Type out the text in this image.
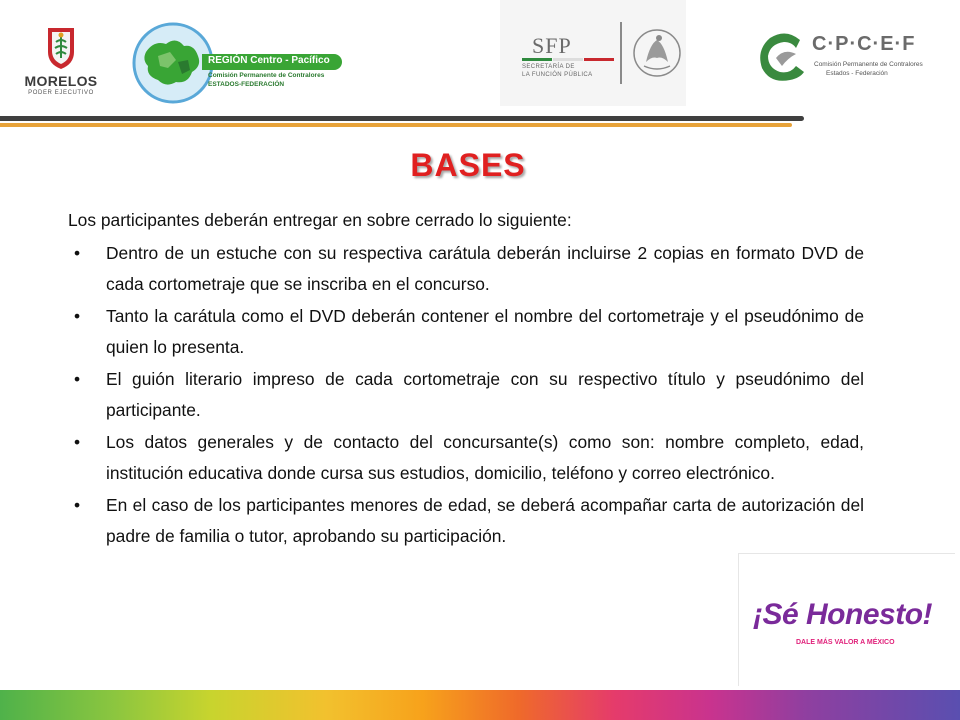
MORELOS
PODER EJECUTIVO
REGIÓN Centro - Pacífico
Comisión Permanente de Contralores
ESTADOS-FEDERACIÓN
SFP
SECRETARÍA DE
LA FUNCIÓN PÚBLICA
C·P·C·E·F
Comisión Permanente de Contralores
Estados - Federación
BASES
Los participantes deberán entregar en sobre cerrado lo siguiente:
• Dentro de un estuche con su respectiva carátula deberán incluirse 2 copias en formato DVD de cada cortometraje que se inscriba en el concurso.
• Tanto la carátula como el DVD deberán contener el nombre del cortometraje y el pseudónimo de quien lo presenta.
• El guión literario impreso de cada cortometraje con su respectivo título y pseudónimo del participante.
• Los datos generales y de contacto del concursante(s) como son: nombre completo, edad, institución educativa donde cursa sus estudios, domicilio, teléfono y correo electrónico.
• En el caso de los participantes menores de edad, se deberá acompañar carta de autorización del padre de familia o tutor, aprobando su participación.
¡Sé Honesto!
DALE MÁS VALOR A MÉXICO
